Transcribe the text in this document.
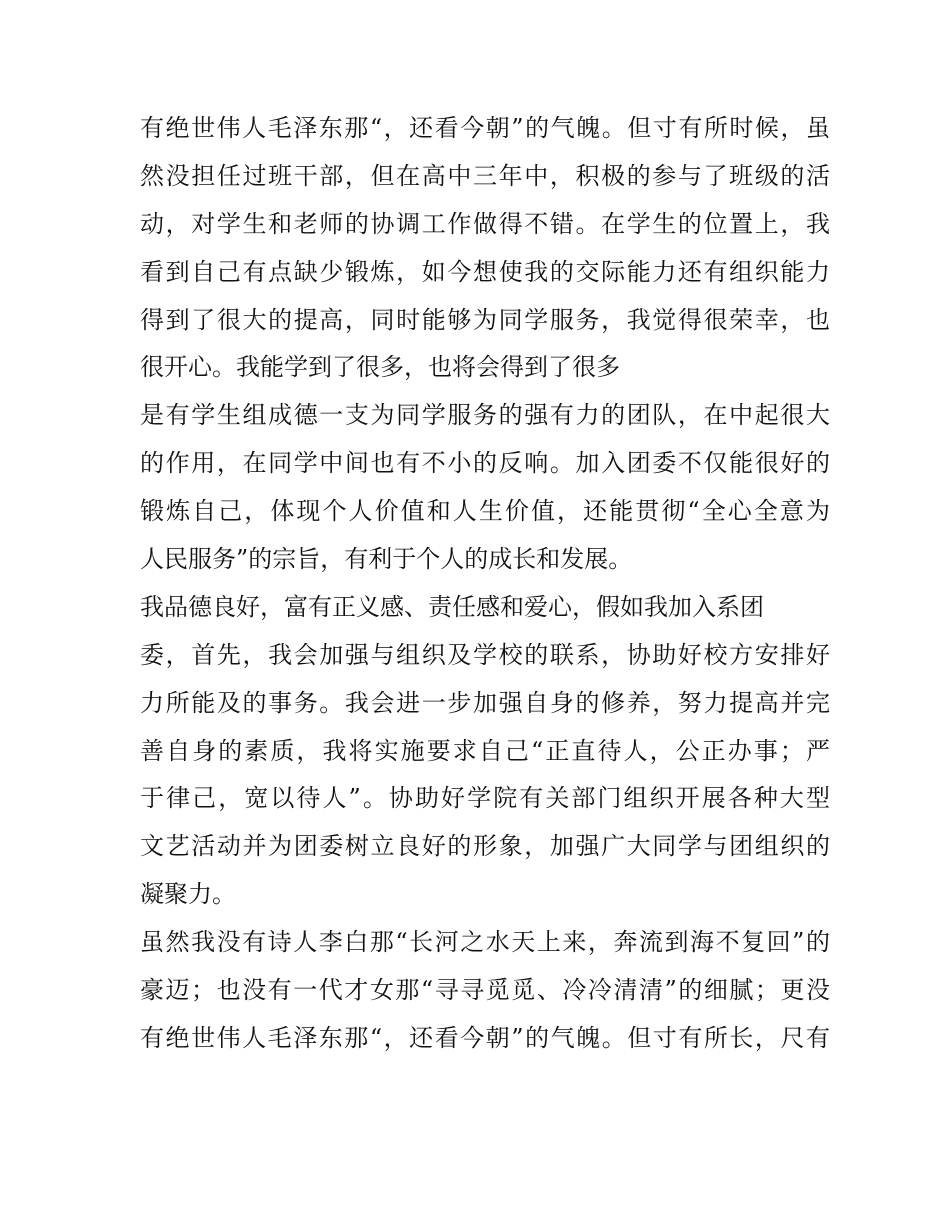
有绝世伟人毛泽东那“，还看今朝”的气魄。但寸有所时候，虽
然没担任过班干部，但在高中三年中，积极的参与了班级的活
动，对学生和老师的协调工作做得不错。在学生的位置上，我
看到自己有点缺少锻炼，如今想使我的交际能力还有组织能力
得到了很大的提高，同时能够为同学服务，我觉得很荣幸，也
很开心。我能学到了很多，也将会得到了很多
是有学生组成德一支为同学服务的强有力的团队，在中起很大
的作用，在同学中间也有不小的反响。加入团委不仅能很好的
锻炼自己，体现个人价值和人生价值，还能贯彻“全心全意为
人民服务”的宗旨，有利于个人的成长和发展。
我品德良好，富有正义感、责任感和爱心，假如我加入系团
委，首先，我会加强与组织及学校的联系，协助好校方安排好
力所能及的事务。我会进一步加强自身的修养，努力提高并完
善自身的素质，我将实施要求自己“正直待人，公正办事；严
于律己，宽以待人”。协助好学院有关部门组织开展各种大型
文艺活动并为团委树立良好的形象，加强广大同学与团组织的
凝聚力。
虽然我没有诗人李白那“长河之水天上来，奔流到海不复回”的
豪迈；也没有一代才女那“寻寻觅觅、冷冷清清”的细腻；更没
有绝世伟人毛泽东那“，还看今朝”的气魄。但寸有所长，尺有
